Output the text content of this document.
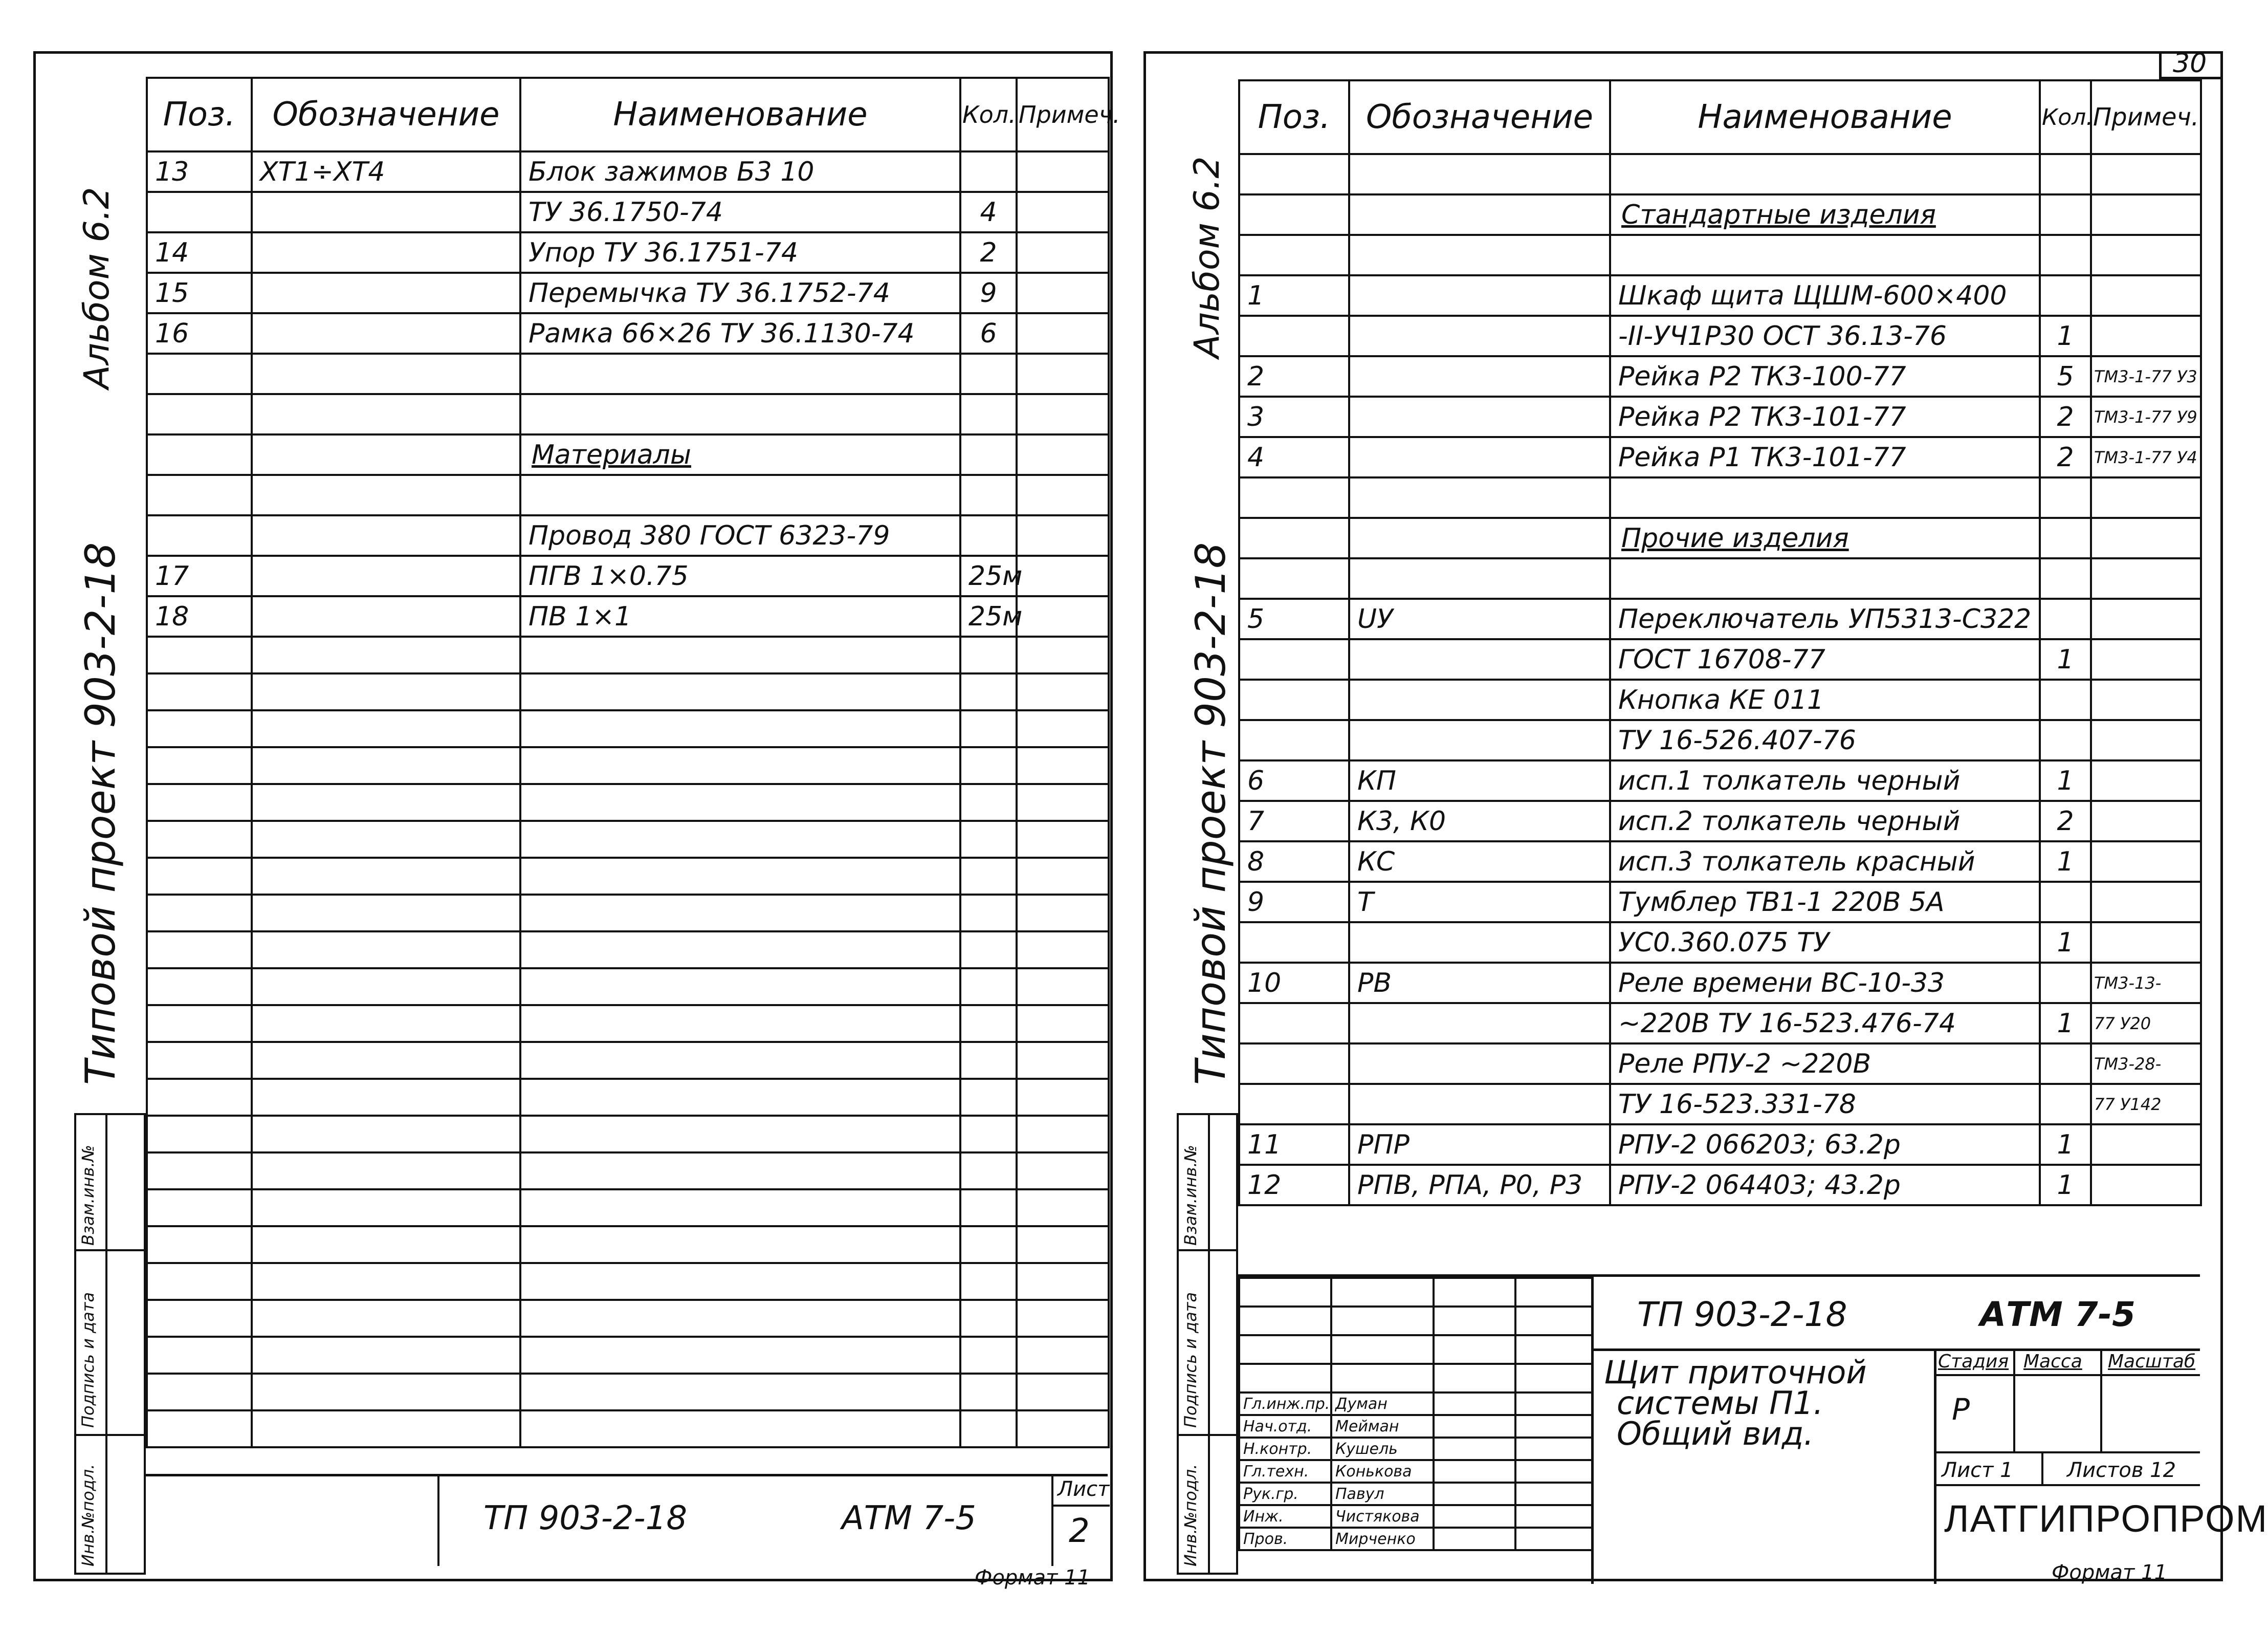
30
Поз.	Обозначение	Наименование	Кол.	Примеч.
13	XT1÷XT4	Блок зажимов Б3 10		
		ТУ 36.1750-74	4	
14		Упор ТУ 36.1751-74	2	
15		Перемычка ТУ 36.1752-74	9	
16		Рамка 66×26 ТУ 36.1130-74	6	

		Материалы		

		Провод 380 ГОСТ 6323-79		
17		ПГВ 1×0.75	25м	
18		ПВ 1×1	25м	

Альбом 6.2
Типовой проект 903-2-18
Взам.инв.№	

Подпись и дата	

Инв.№подл.	
		ТП 903-2-18	АТМ 7-5
Лист
2
Формат 11
Поз.	Обозначение	Наименование	Кол.	Примеч.

		Стандартные изделия		

1		Шкаф щита ЩШМ-600×400		
		-II-УЧ1Р30 ОСТ 36.13-76	1	
2		Рейка Р2 ТК3-100-77	5	ТМ3-1-77 У3
3		Рейка Р2 ТК3-101-77	2	ТМ3-1-77 У9
4		Рейка Р1 ТК3-101-77	2	ТМ3-1-77 У4

		Прочие изделия		

5	UУ	Переключатель УП5313-С322		
		ГОСТ 16708-77	1	
		Кнопка КЕ 011		
		ТУ 16-526.407-76		
6	КП	исп.1 толкатель черный	1	
7	К3, К0	исп.2 толкатель черный	2	
8	КС	исп.3 толкатель красный	1	
9	Т	Тумблер ТВ1-1 220В 5А		
		УС0.360.075 ТУ	1	
10	РВ	Реле времени ВС-10-33		ТМ3-13-
		~220В ТУ 16-523.476-74	1	77 У20
		Реле РПУ-2 ~220В		ТМ3-28-
		ТУ 16-523.331-78		77 У142
11	РПР	РПУ-2 066203; 63.2р	1	
12	РПВ, РПА, Р0, Р3	РПУ-2 064403; 43.2р	1	
Альбом 6.2
Типовой проект 903-2-18
Взам.инв.№	

Подпись и дата	

Инв.№подл.	

Гл.инж.пр.	Думан		
Нач.отд.	Мейман		
Н.контр.	Кушель		
Гл.техн.	Конькова		
Рук.гр.	Павул		
Инж.	Чистякова		
Пров.	Мирченко		
ТП 903-2-18	АТМ 7-5
Щит приточной
системы П1.
Общий вид.
Стадия Масса Масштаб
Р
Лист 1	Листов 12
ЛАТГИПРОПРОМ
Формат 11
